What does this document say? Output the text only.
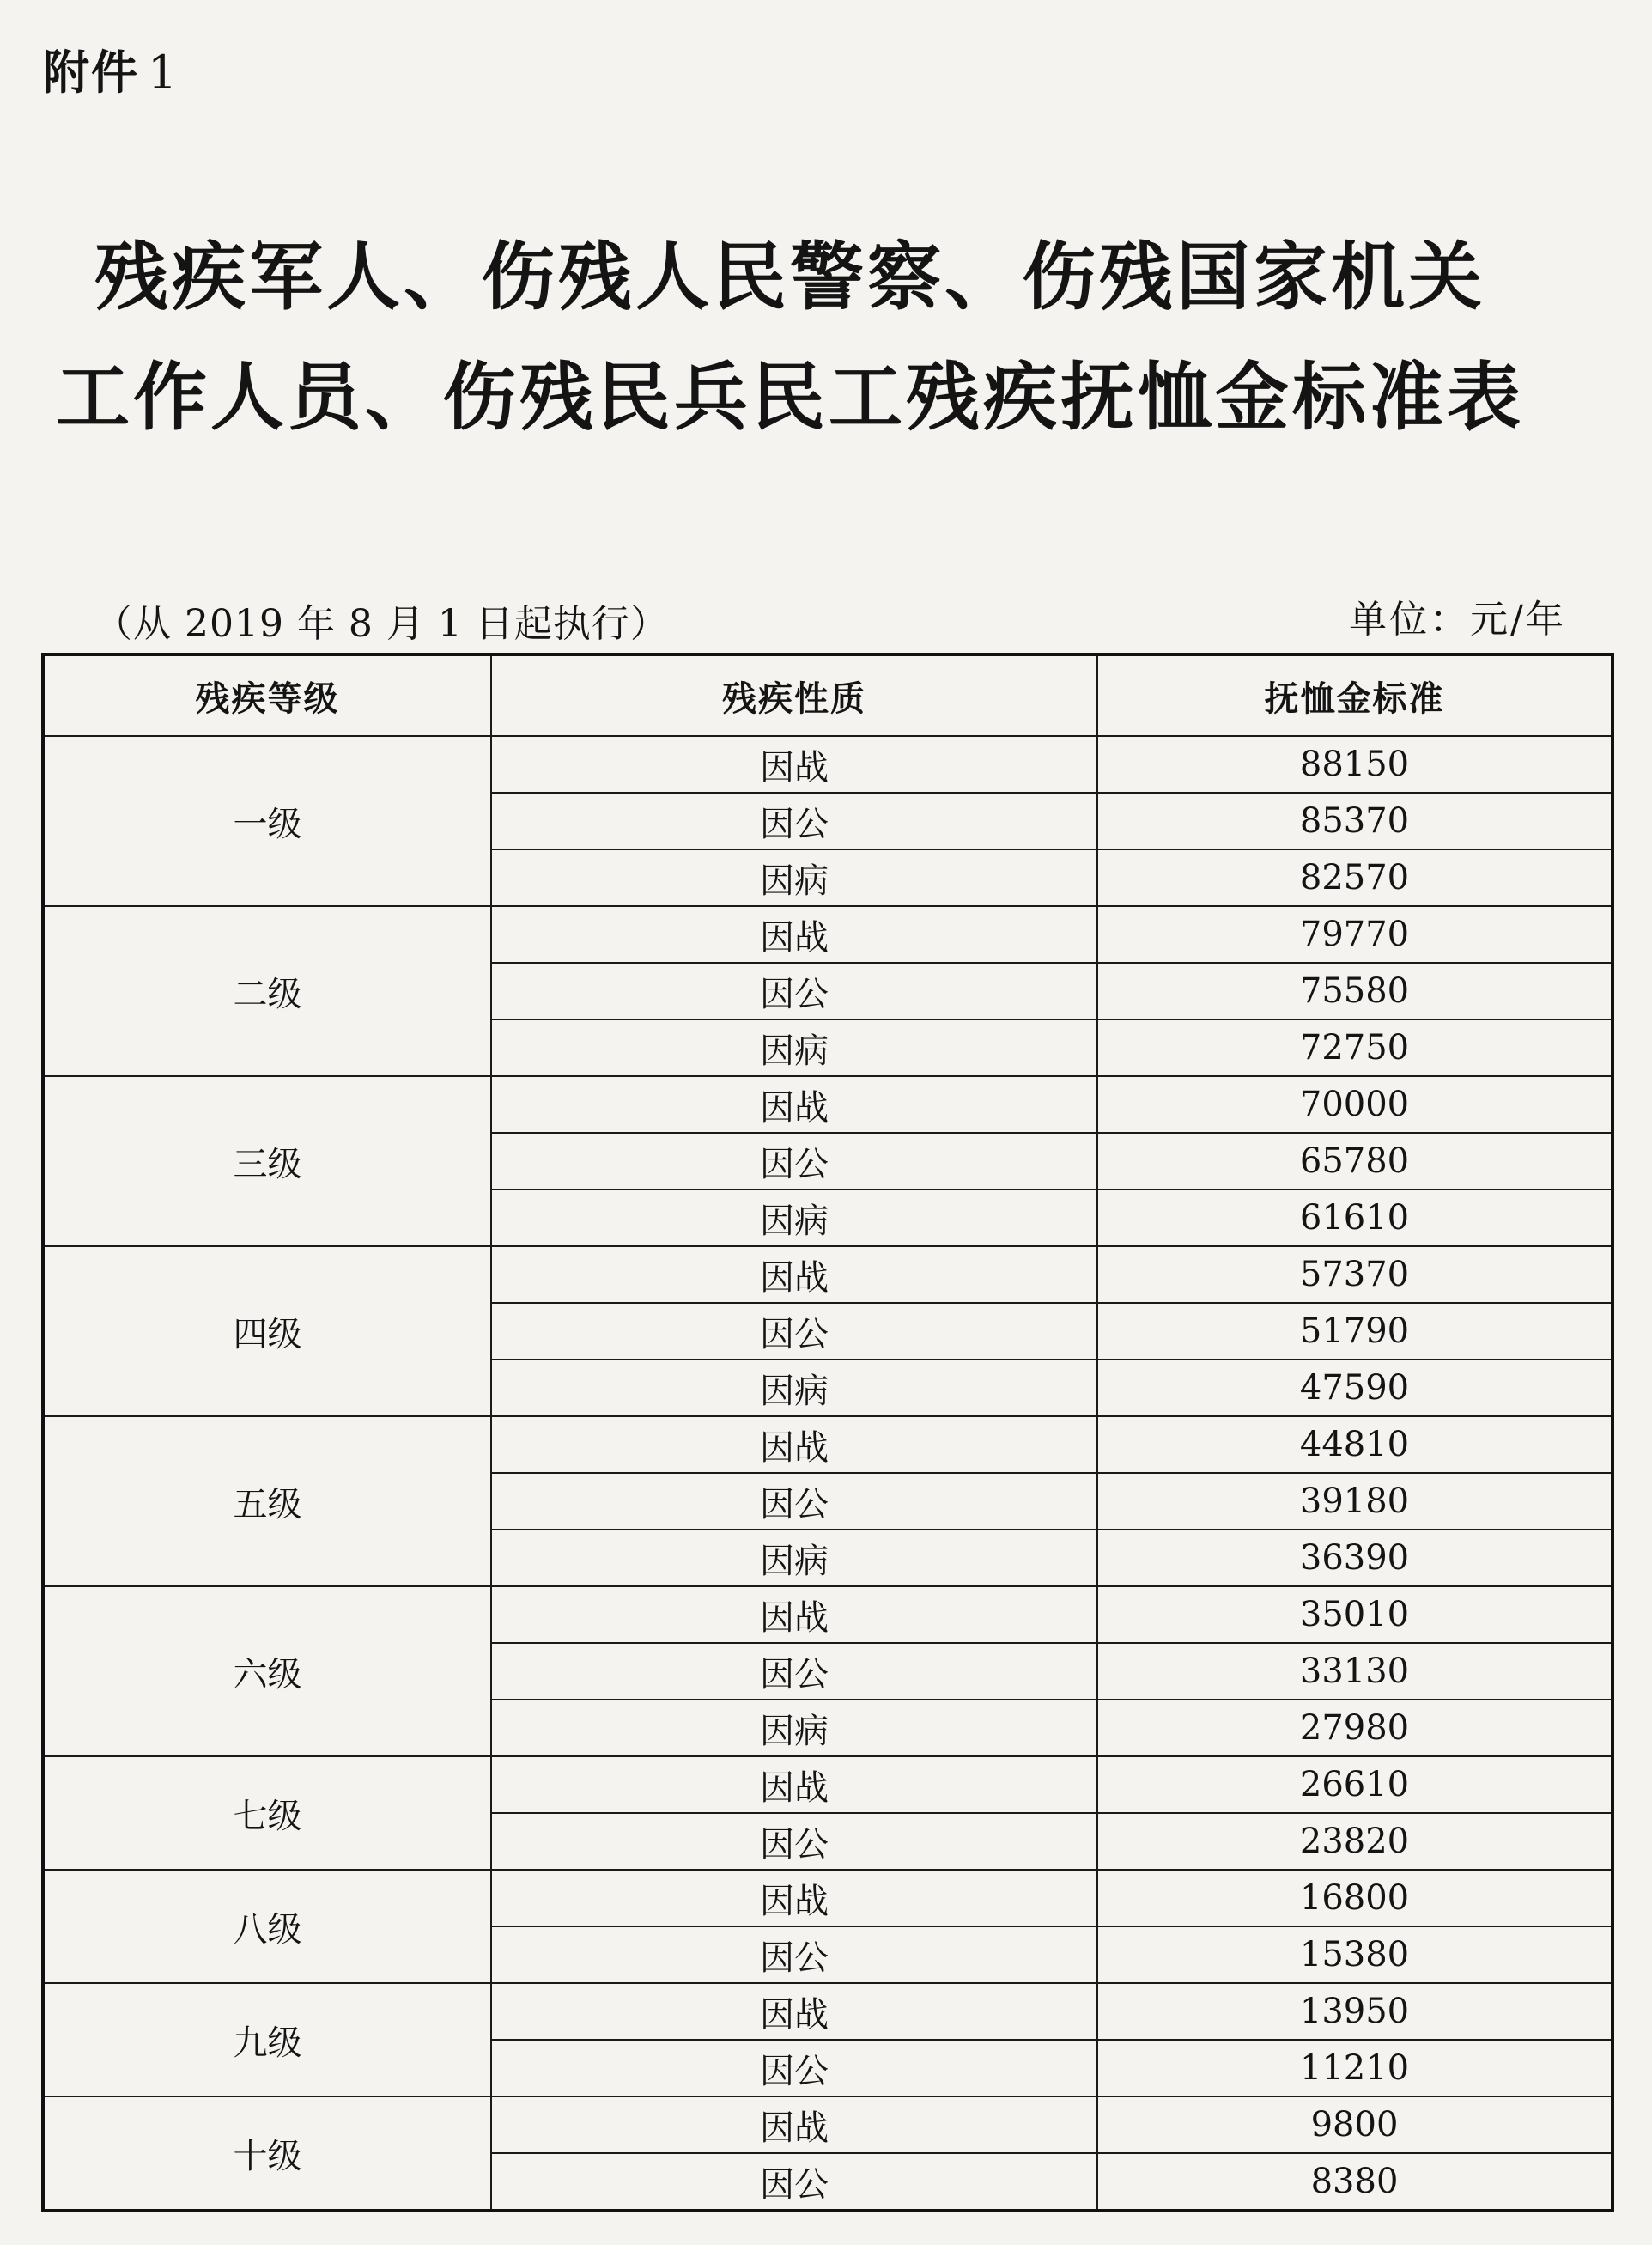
附件 1
残疾军人、伤残人民警察、伤残国家机关
工作人员、伤残民兵民工残疾抚恤金标准表
（从 2019 年 8 月 1 日起执行）	单位：元/年
残疾等级	残疾性质	抚恤金标准
一级	因战	88150
	因公	85370
	因病	82570
二级	因战	79770
	因公	75580
	因病	72750
三级	因战	70000
	因公	65780
	因病	61610
四级	因战	57370
	因公	51790
	因病	47590
五级	因战	44810
	因公	39180
	因病	36390
六级	因战	35010
	因公	33130
	因病	27980
七级	因战	26610
	因公	23820
八级	因战	16800
	因公	15380
九级	因战	13950
	因公	11210
十级	因战	9800
	因公	8380
